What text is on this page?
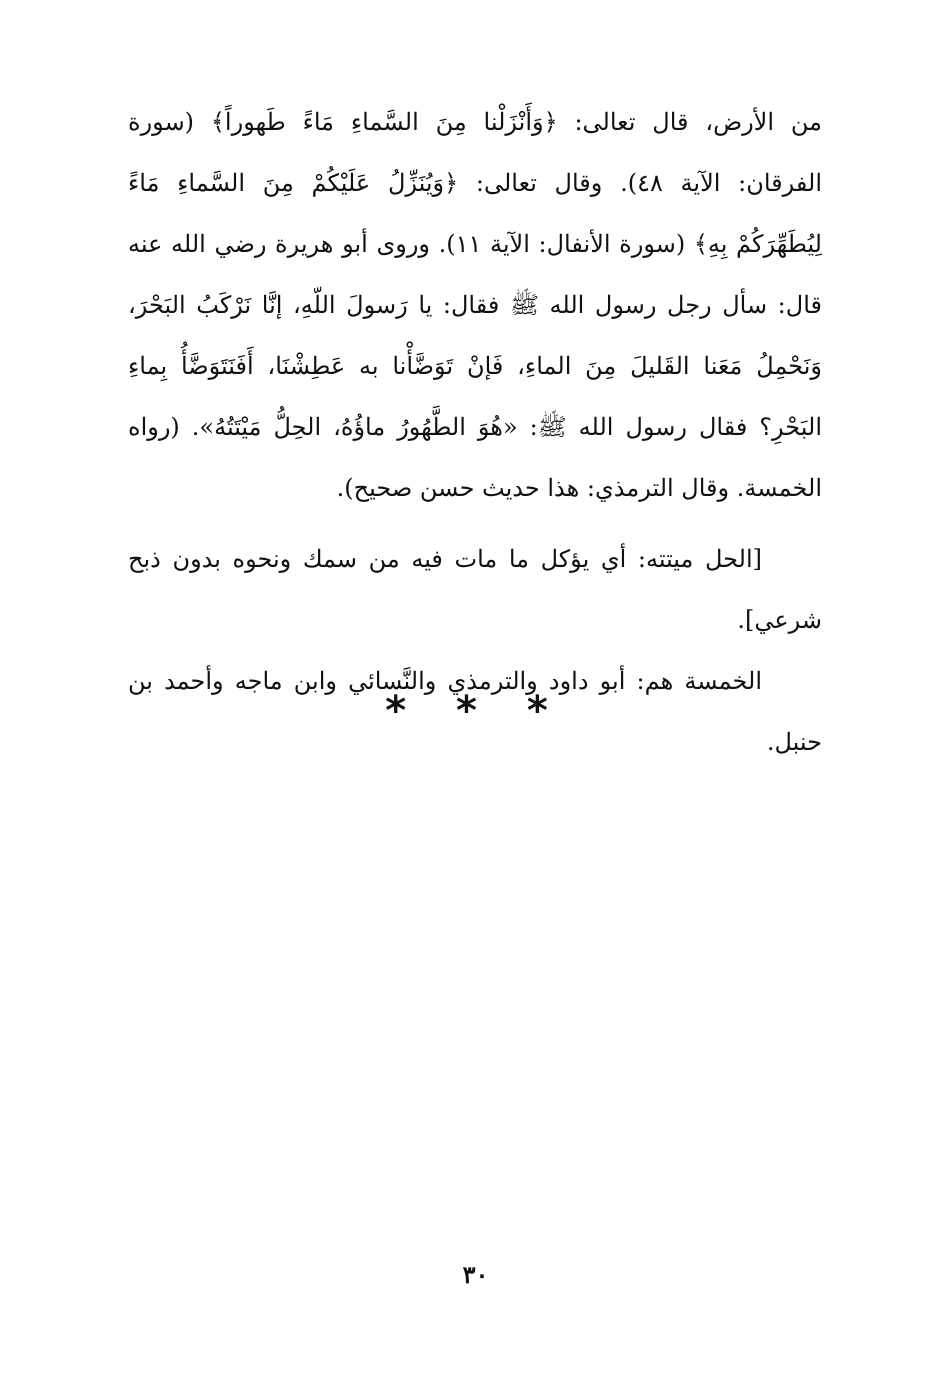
من الأرض، قال تعالى: ﴿وَأَنْزَلْنا مِنَ السَّماءِ مَاءً طَهوراً﴾ (سورة الفرقان: الآية ٤٨). وقال تعالى: ﴿وَيُنَزِّلُ عَلَيْكُمْ مِنَ السَّماءِ مَاءً لِيُطَهِّرَكُمْ بِهِ﴾ (سورة الأنفال: الآية ١١). وروى أبو هريرة رضي الله عنه قال: سأل رجل رسول الله ﷺ فقال: يا رَسولَ اللّهِ، إنَّا نَرْكَبُ البَحْرَ، وَنَحْمِلُ مَعَنا القَليلَ مِنَ الماءِ، فَإنْ تَوَضَّأْنا به عَطِشْنَا، أَفَنَتَوَضَّأُ بِماءِ البَحْرِ؟ فقال رسول الله ﷺ: «هُوَ الطَّهُورُ ماؤُهُ، الحِلُّ مَيْتَتُهُ». (رواه الخمسة. وقال الترمذي: هذا حديث حسن صحيح).

[الحل ميتته: أي يؤكل ما مات فيه من سمك ونحوه بدون ذبح شرعي].

الخمسة هم: أبو داود والترمذي والنَّسائي وابن ماجه وأحمد بن حنبل.

* * *
٣٠
